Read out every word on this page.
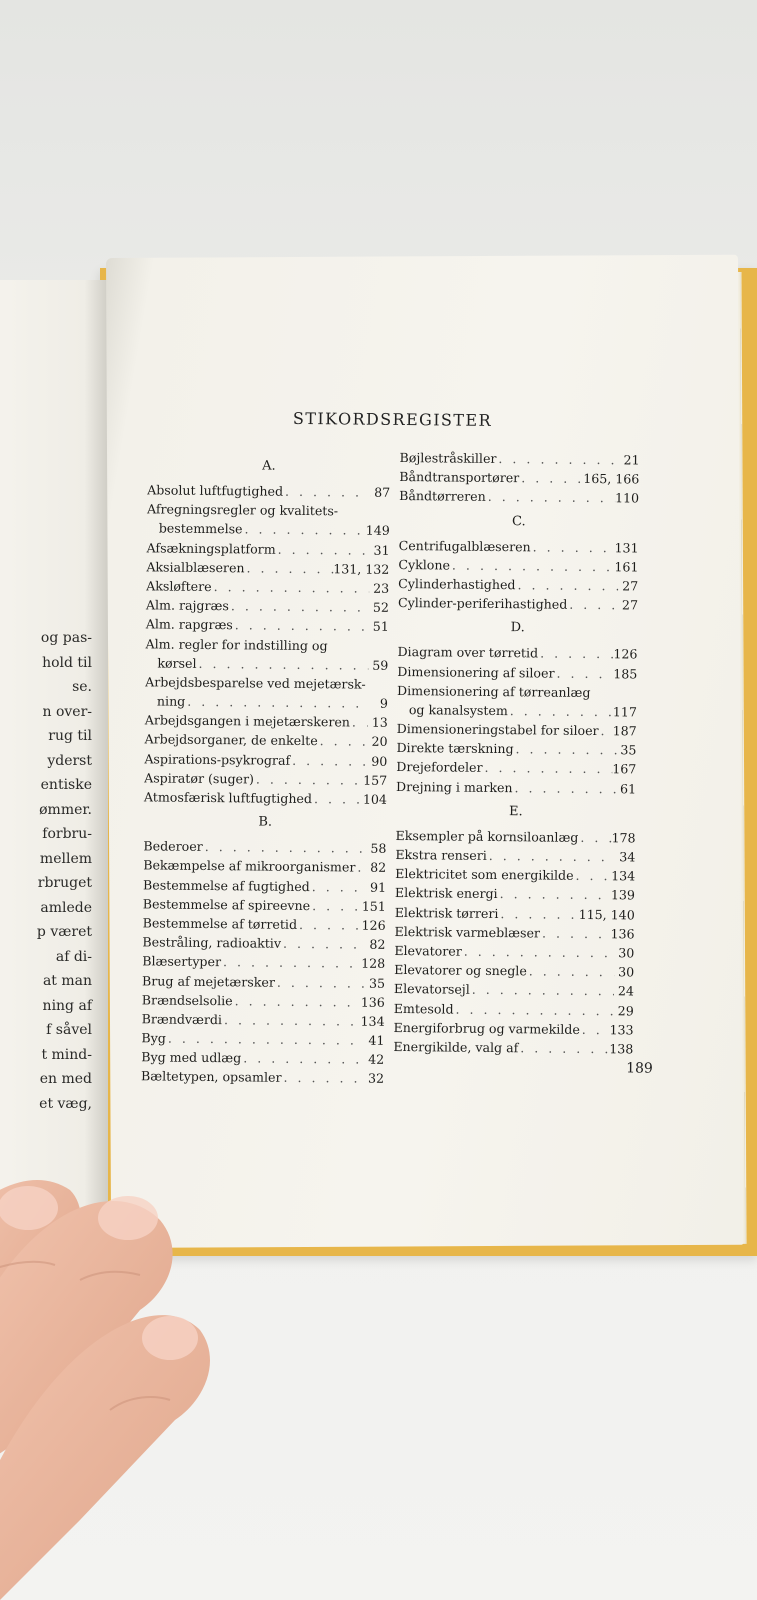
og pas-
hold til
se.
n over-
rug til
yderst
entiske
ømmer.
forbru-
mellem
rbruget
amlede
p været
af di-
at man
ning af
f såvel
t mind-
en med
et væg,
STIKORDSREGISTER
A.
Absolut luftfugtighed . . .	87
Afregningsregler og kvalitets-
bestemmelse . . .	149
Afsækningsplatform . . .	31
Aksialblæseren . . .	131, 132
Aksløftere . . .	23
Alm. rajgræs . . .	52
Alm. rapgræs . . .	51
Alm. regler for indstilling og
kørsel . . .	59
Arbejdsbesparelse ved mejetærsk-
ning . . .	9
Arbejdsgangen i mejetærskeren . . .	13
Arbejdsorganer, de enkelte . . .	20
Aspirations-psykrograf . . .	90
Aspiratør (suger) . . .	157
Atmosfærisk luftfugtighed . . .	104
B.
Bederoer . . .	58
Bekæmpelse af mikroorganismer . . .	82
Bestemmelse af fugtighed . . .	91
Bestemmelse af spireevne . . .	151
Bestemmelse af tørretid . . .	126
Bestråling, radioaktiv . . .	82
Blæsertyper . . .	128
Brug af mejetærsker . . .	35
Brændselsolie . . .	136
Brændværdi . . .	134
Byg . . .	41
Byg med udlæg . . .	42
Bæltetypen, opsamler . . .	32
Bøjlestråskiller . . .	21
Båndtransportører . . .	165, 166
Båndtørreren . . .	110
C.
Centrifugalblæseren . . .	131
Cyklone . . .	161
Cylinderhastighed . . .	27
Cylinder-periferihastighed . . .	27
D.
Diagram over tørretid . . .	126
Dimensionering af siloer . . .	185
Dimensionering af tørreanlæg
og kanalsystem . . .	117
Dimensioneringstabel for siloer . . . 187
Direkte tærskning . . .	35
Drejefordeler . . .	167
Drejning i marken . . .	61
E.
Eksempler på kornsiloanlæg . . .	178
Ekstra renseri . . .	34
Elektricitet som energikilde . . .	134
Elektrisk energi . . .	139
Elektrisk tørreri . . .	115, 140
Elektrisk varmeblæser . . .	136
Elevatorer . . .	30
Elevatorer og snegle . . .	30
Elevatorsejl . . .	24
Emtesold . . .	29
Energiforbrug og varmekilde . . . 133
Energikilde, valg af . . .	138
189
